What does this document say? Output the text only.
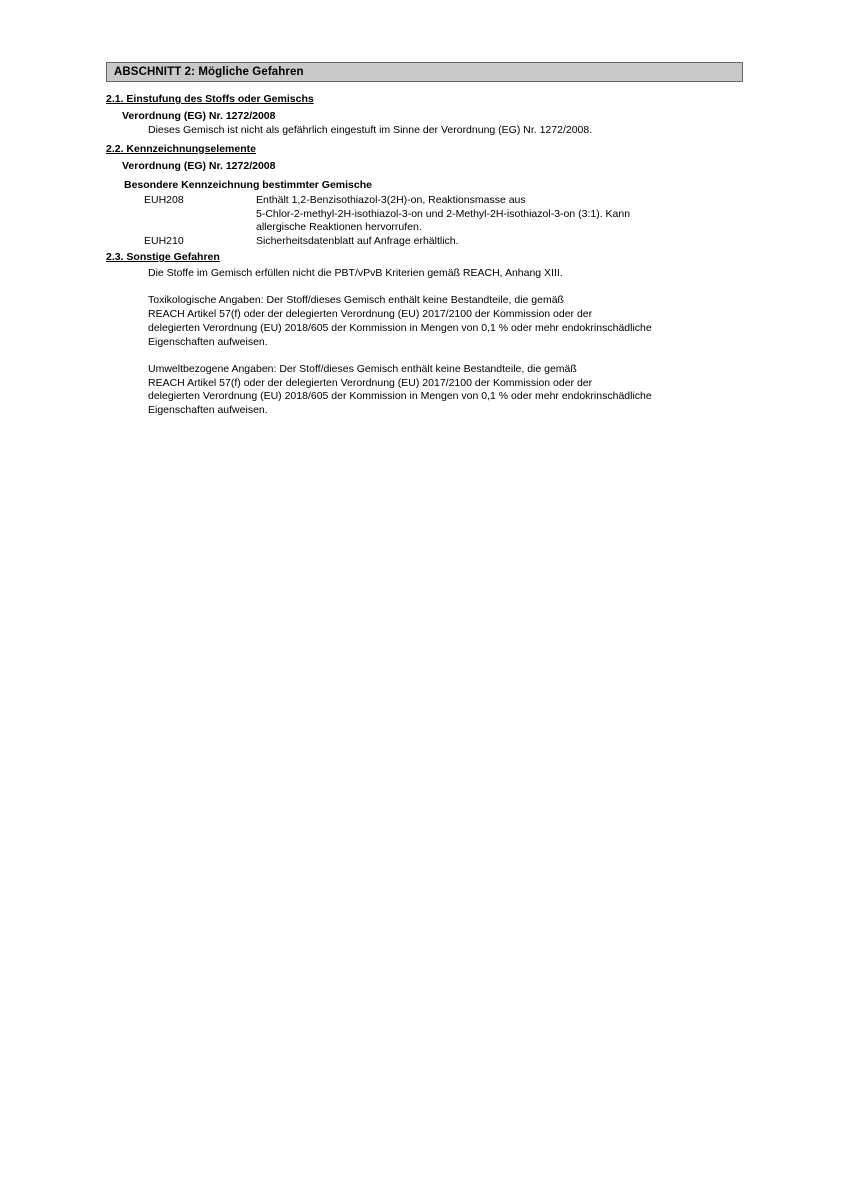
ABSCHNITT 2: Mögliche Gefahren
2.1. Einstufung des Stoffs oder Gemischs
Verordnung (EG) Nr. 1272/2008
Dieses Gemisch ist nicht als gefährlich eingestuft im Sinne der Verordnung (EG) Nr. 1272/2008.
2.2. Kennzeichnungselemente
Verordnung (EG) Nr. 1272/2008
Besondere Kennzeichnung bestimmter Gemische
EUH208	Enthält 1,2-Benzisothiazol-3(2H)-on, Reaktionsmasse aus
5-Chlor-2-methyl-2H-isothiazol-3-on und 2-Methyl-2H-isothiazol-3-on (3:1). Kann
allergische Reaktionen hervorrufen.
EUH210	Sicherheitsdatenblatt auf Anfrage erhältlich.
2.3. Sonstige Gefahren
Die Stoffe im Gemisch erfüllen nicht die PBT/vPvB Kriterien gemäß REACH, Anhang XIII.
Toxikologische Angaben: Der Stoff/dieses Gemisch enthält keine Bestandteile, die gemäß
REACH Artikel 57(f) oder der delegierten Verordnung (EU) 2017/2100 der Kommission oder der
delegierten Verordnung (EU) 2018/605 der Kommission in Mengen von 0,1 % oder mehr endokrinschädliche
Eigenschaften aufweisen.
Umweltbezogene Angaben: Der Stoff/dieses Gemisch enthält keine Bestandteile, die gemäß
REACH Artikel 57(f) oder der delegierten Verordnung (EU) 2017/2100 der Kommission oder der
delegierten Verordnung (EU) 2018/605 der Kommission in Mengen von 0,1 % oder mehr endokrinschädliche
Eigenschaften aufweisen.
